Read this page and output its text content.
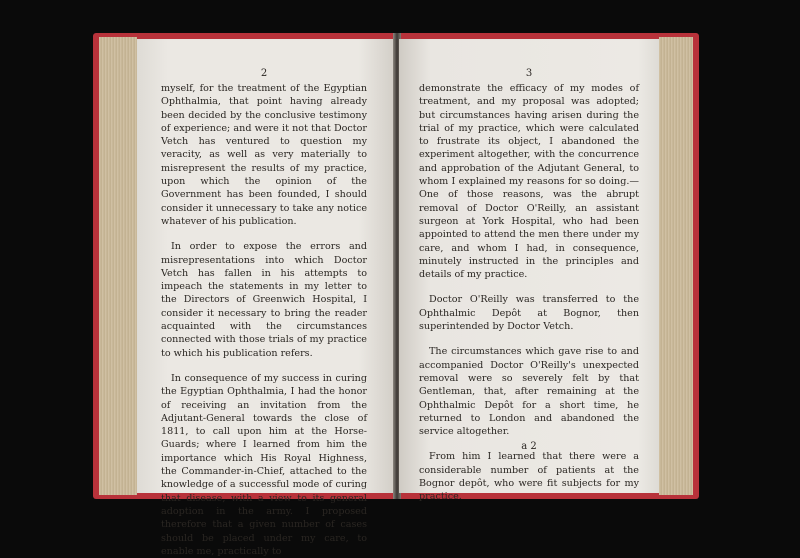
2

myself, for the treatment of the Egyptian Ophthalmia, that point having already been decided by the conclusive testimony of experience; and were it not that Doctor Vetch has ventured to question my veracity, as well as very materially to misrepresent the results of my practice, upon which the opinion of the Government has been founded, I should consider it unnecessary to take any notice whatever of his publication.

In order to expose the errors and misrepresentations into which Doctor Vetch has fallen in his attempts to impeach the statements in my letter to the Directors of Greenwich Hospital, I consider it necessary to bring the reader acquainted with the circumstances connected with those trials of my practice to which his publication refers.

In consequence of my success in curing the Egyptian Ophthalmia, I had the honor of receiving an invitation from the Adjutant-General towards the close of 1811, to call upon him at the Horse-Guards; where I learned from him the importance which His Royal Highness, the Commander-in-Chief, attached to the knowledge of a successful mode of curing that disease, with a view to its general adoption in the army. I proposed therefore that a given number of cases should be placed under my care, to enable me, practically to

3

demonstrate the efficacy of my modes of treatment, and my proposal was adopted; but circumstances having arisen during the trial of my practice, which were calculated to frustrate its object, I abandoned the experiment altogether, with the concurrence and approbation of the Adjutant General, to whom I explained my reasons for so doing.—One of those reasons, was the abrupt removal of Doctor O'Reilly, an assistant surgeon at York Hospital, who had been appointed to attend the men there under my care, and whom I had, in consequence, minutely instructed in the principles and details of my practice.

Doctor O'Reilly was transferred to the Ophthalmic Depôt at Bognor, then superintended by Doctor Vetch.

The circumstances which gave rise to and accompanied Doctor O'Reilly's unexpected removal were so severely felt by that Gentleman, that, after remaining at the Ophthalmic Depôt for a short time, he returned to London and abandoned the service altogether.

From him I learned that there were a considerable number of patients at the Bognor depôt, who were fit subjects for my practice.

a 2
